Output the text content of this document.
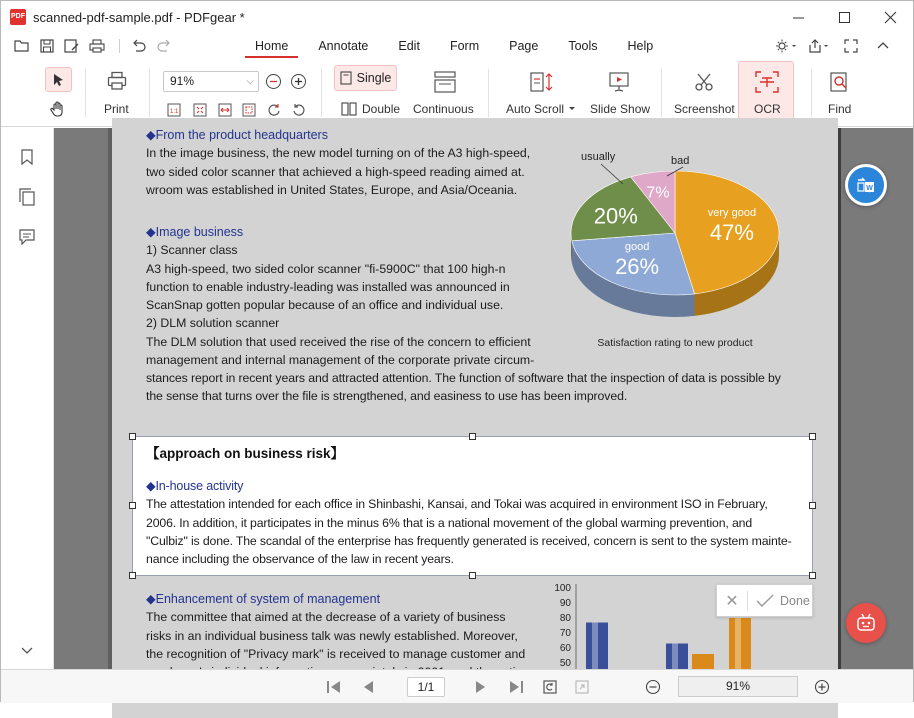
PDF scanned-pdf-sample.pdf - PDFgear *
Home	Annotate	Edit	Form	Page	Tools	Help
Print
91%	⌵
1:1
Single
Double Continuous	Auto Scroll Slide Show Screenshot OCR	Find
◆From the product headquarters
In the image business, the new model turning on of the A3 high-speed,
two sided color scanner that achieved a high-speed reading aimed at.
wroom was established in United States, Europe, and Asia/Oceania.
◆Image business
1) Scanner class
A3 high-speed, two sided color scanner "fi-5900C" that 100 high-n
function to enable industry-leading was installed was announced in
ScanSnap gotten popular because of an office and individual use.
2) DLM solution scanner
The DLM solution that used received the rise of the concern to efficient
management and internal management of the corporate private circum-
stances report in recent years and attracted attention. The function of software that the inspection of data is possible by
the sense that turns over the file is strengthened, and easiness to use has been improved.
very good
47%
good
26%
20%
7%
usually	bad
Satisfaction rating to new product
【approach on business risk】
◆In-house activity
The attestation intended for each office in Shinbashi, Kansai, and Tokai was acquired in environment ISO in February,
2006. In addition, it participates in the minus 6% that is a national movement of the global warming prevention, and
"Culbiz" is done. The scandal of the enterprise has frequently generated is received, concern is sent to the system mainte-
nance including the observance of the law in recent years.
◆Enhancement of system of management
The committee that aimed at the decrease of a variety of business
risks in an individual business talk was newly established. Moreover,
the recognition of "Privacy mark" is received to manage customer and
100
90
80
70
60
50
✕	Done
W
1/1	91%
